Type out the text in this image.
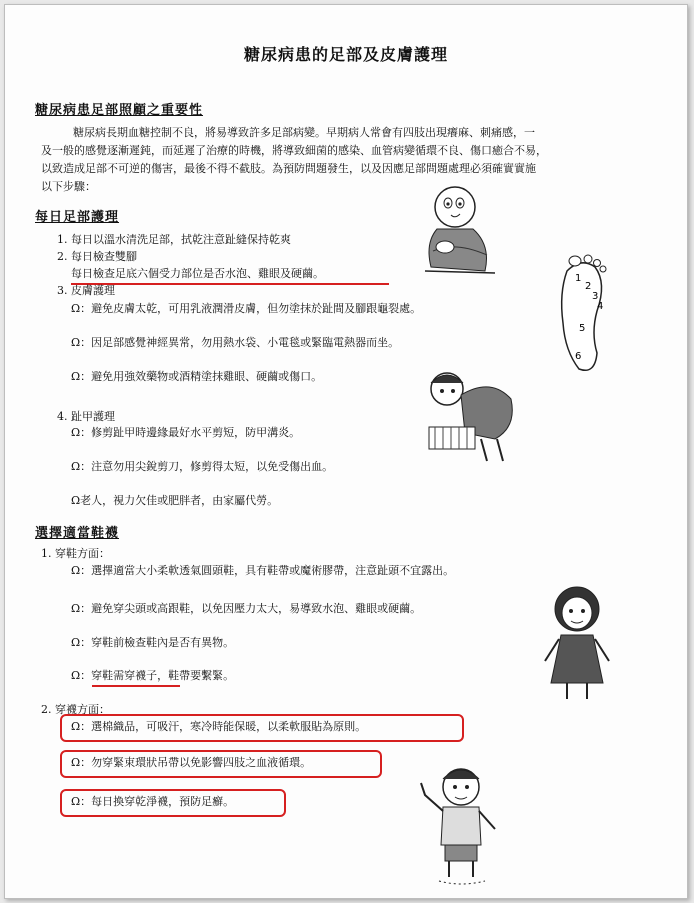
糖尿病患的足部及皮膚護理
糖尿病患足部照顧之重要性
糖尿病長期血糖控制不良，將易導致許多足部病變。早期病人常會有四肢出現癢麻、刺痛感，一
及一般的感覺逐漸遲鈍，而延遲了治療的時機，將導致細菌的感染、血管病變循環不良、傷口癒合不易，
以致造成足部不可逆的傷害，最後不得不截肢。為預防問題發生，以及因應足部問題處理必須確實實施
以下步驟：
每日足部護理
1. 每日以溫水清洗足部，拭乾注意趾縫保持乾爽
2. 每日檢查雙腳
每日檢查足底六個受力部位是否水泡、雞眼及硬繭。
3. 皮膚護理
Ω：避免皮膚太乾，可用乳液潤滑皮膚，但勿塗抹於趾間及腳跟龜裂處。
Ω：因足部感覺神經異常，勿用熱水袋、小電毯或緊臨電熱器而坐。
Ω：避免用強效藥物或酒精塗抹雞眼、硬繭或傷口。
4. 趾甲護理
Ω：修剪趾甲時邊緣最好水平剪短，防甲溝炎。
Ω：注意勿用尖銳剪刀，修剪得太短，以免受傷出血。
Ω老人，視力欠佳或肥胖者，由家屬代勞。
選擇適當鞋襪
1. 穿鞋方面：
Ω：選擇適當大小柔軟透氣圓頭鞋，具有鞋帶或魔術膠帶，注意趾頭不宜露出。
Ω：避免穿尖頭或高跟鞋，以免因壓力太大，易導致水泡、雞眼或硬繭。
Ω：穿鞋前檢查鞋內是否有異物。
Ω：穿鞋需穿襪子，鞋帶要繫緊。
2. 穿襪方面：
Ω：選棉織品，可吸汗，寒冷時能保暖，以柔軟服貼為原則。
Ω：勿穿緊束環狀吊帶以免影響四肢之血液循環。
Ω：每日換穿乾淨襪，預防足癬。
1
2
3
4
5
6
